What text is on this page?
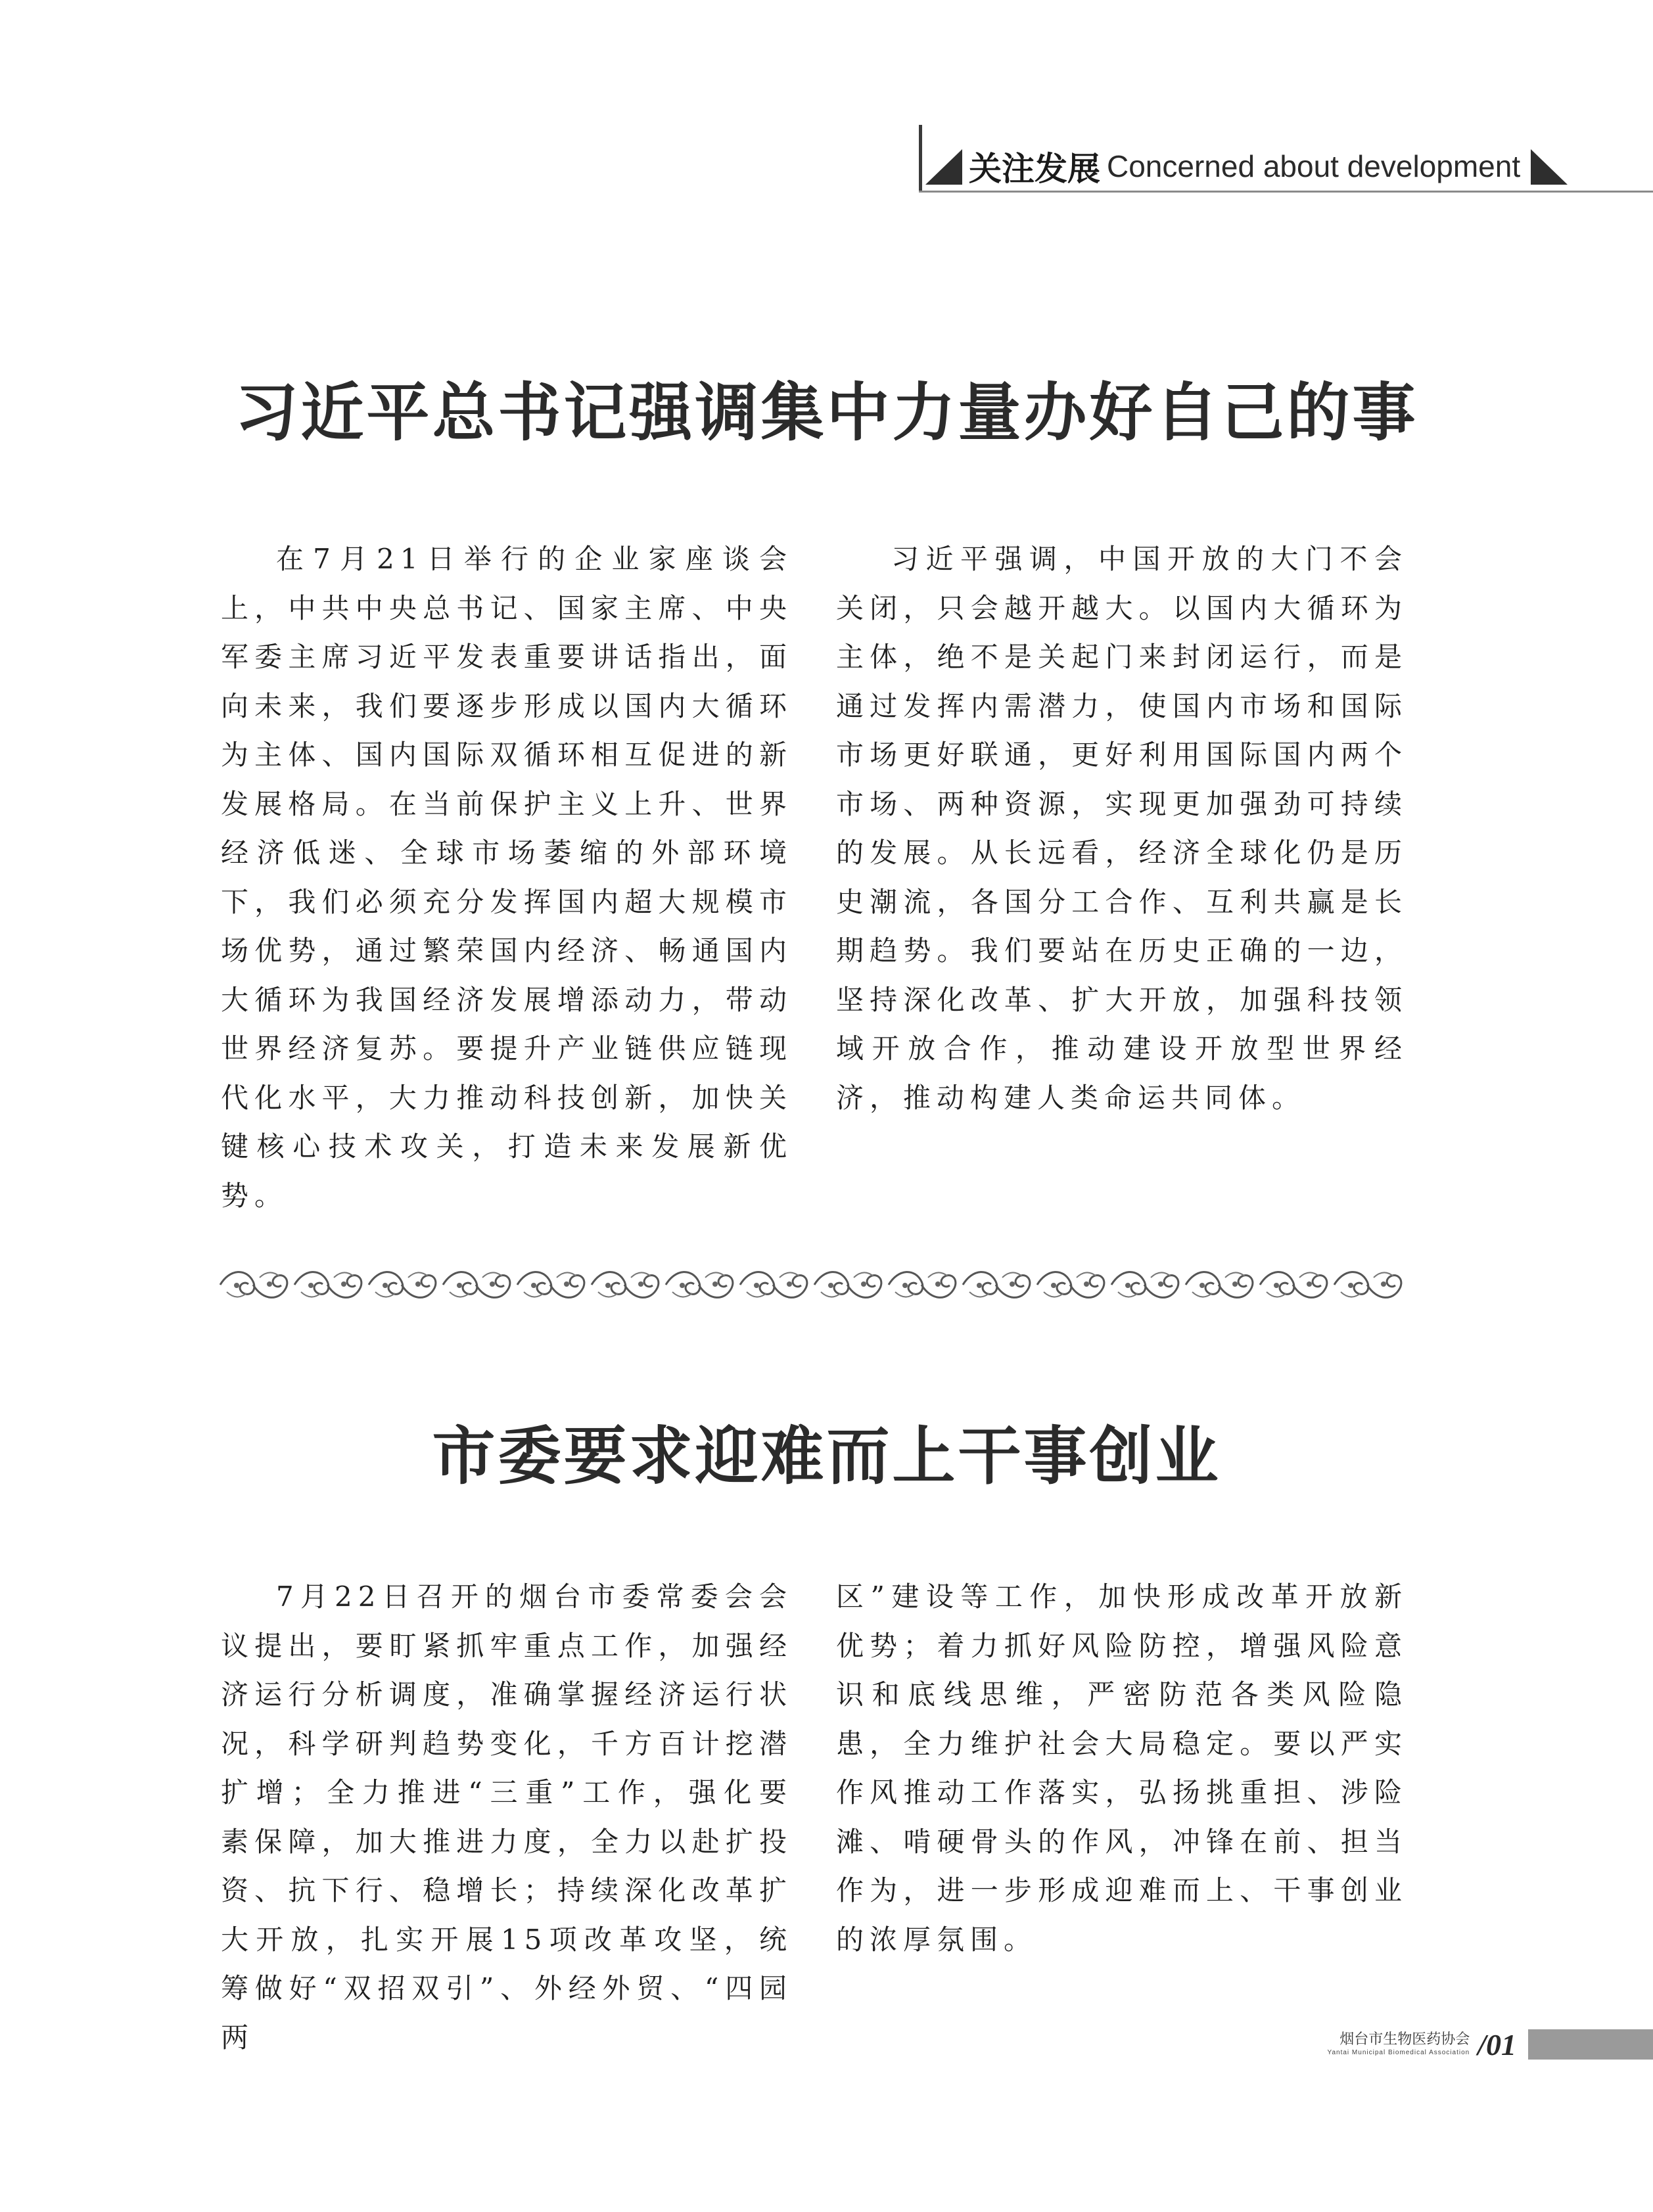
关注发展 Concerned about development
习近平总书记强调集中力量办好自己的事

在7月21日举行的企业家座谈会上，中共中央总书记、国家主席、中央军委主席习近平发表重要讲话指出，面向未来，我们要逐步形成以国内大循环为主体、国内国际双循环相互促进的新发展格局。在当前保护主义上升、世界经济低迷、全球市场萎缩的外部环境下，我们必须充分发挥国内超大规模市场优势，通过繁荣国内经济、畅通国内大循环为我国经济发展增添动力，带动世界经济复苏。要提升产业链供应链现代化水平，大力推动科技创新，加快关键核心技术攻关，打造未来发展新优势。

习近平强调，中国开放的大门不会关闭，只会越开越大。以国内大循环为主体，绝不是关起门来封闭运行，而是通过发挥内需潜力，使国内市场和国际市场更好联通，更好利用国际国内两个市场、两种资源，实现更加强劲可持续的发展。从长远看，经济全球化仍是历史潮流，各国分工合作、互利共赢是长期趋势。我们要站在历史正确的一边，坚持深化改革、扩大开放，加强科技领域开放合作，推动建设开放型世界经济，推动构建人类命运共同体。

市委要求迎难而上干事创业

7月22日召开的烟台市委常委会会议提出，要盯紧抓牢重点工作，加强经济运行分析调度，准确掌握经济运行状况，科学研判趋势变化，千方百计挖潜扩增；全力推进“三重”工作，强化要素保障，加大推进力度，全力以赴扩投资、抗下行、稳增长；持续深化改革扩大开放，扎实开展15项改革攻坚，统筹做好“双招双引”、外经外贸、“四园两

区”建设等工作，加快形成改革开放新优势；着力抓好风险防控，增强风险意识和底线思维，严密防范各类风险隐患，全力维护社会大局稳定。要以严实作风推动工作落实，弘扬挑重担、涉险滩、啃硬骨头的作风，冲锋在前、担当作为，进一步形成迎难而上、干事创业的浓厚氛围。

烟台市生物医药协会
Yantai Municipal Biomedical Association /01
